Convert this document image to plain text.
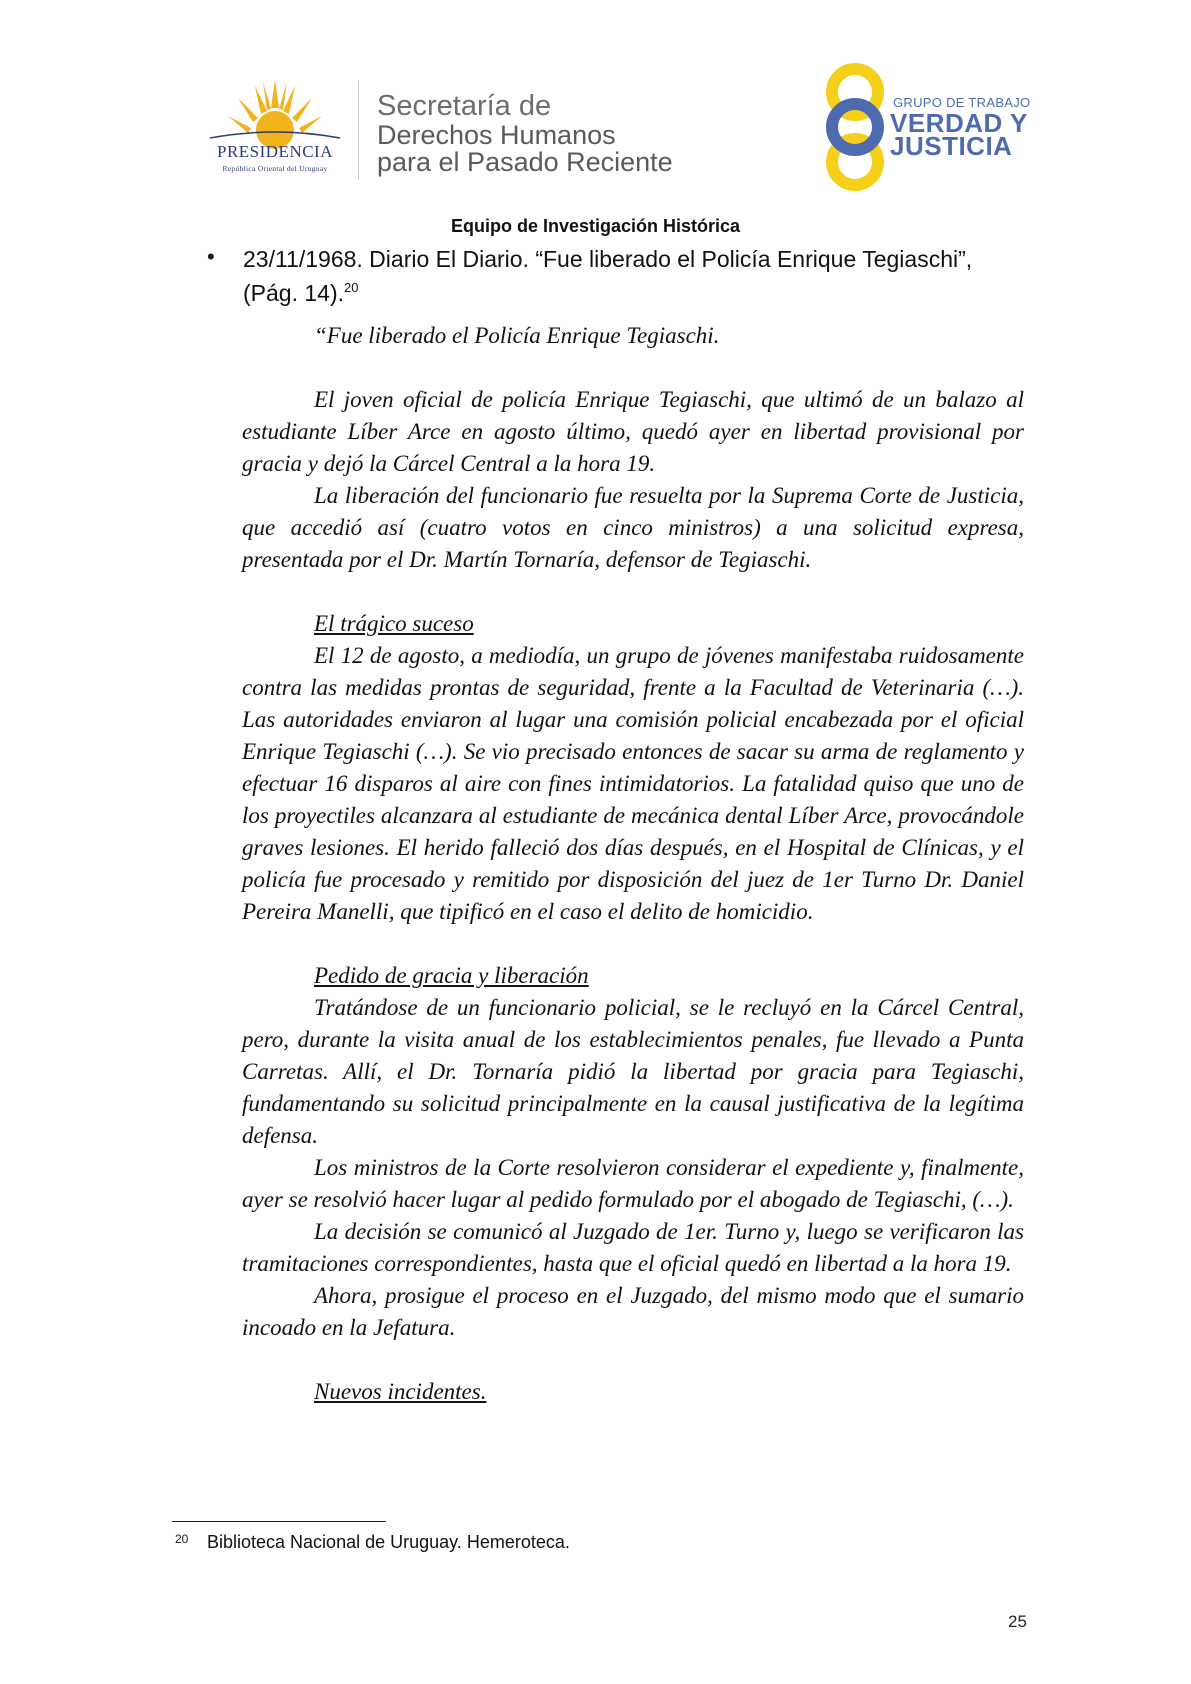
PRESIDENCIA
República Oriental del Uruguay
Secretaría de
Derechos Humanos
para el Pasado Reciente
GRUPO DE TRABAJO
VERDAD Y
JUSTICIA
Equipo de Investigación Histórica
• 23/11/1968. Diario El Diario. “Fue liberado el Policía Enrique Tegiaschi”,
(Pág. 14).$^{20}$

“Fue liberado el Policía Enrique Tegiaschi.

El joven oficial de policía Enrique Tegiaschi, que ultimó de un balazo al estudiante Líber Arce en agosto último, quedó ayer en libertad provisional por gracia y dejó la Cárcel Central a la hora 19.

La liberación del funcionario fue resuelta por la Suprema Corte de Justicia, que accedió así (cuatro votos en cinco ministros) a una solicitud expresa, presentada por el Dr. Martín Tornaría, defensor de Tegiaschi.

El trágico suceso

El 12 de agosto, a mediodía, un grupo de jóvenes manifestaba ruidosamente contra las medidas prontas de seguridad, frente a la Facultad de Veterinaria (…). Las autoridades enviaron al lugar una comisión policial encabezada por el oficial Enrique Tegiaschi (…). Se vio precisado entonces de sacar su arma de reglamento y efectuar 16 disparos al aire con fines intimidatorios. La fatalidad quiso que uno de los proyectiles alcanzara al estudiante de mecánica dental Líber Arce, provocándole graves lesiones. El herido falleció dos días después, en el Hospital de Clínicas, y el policía fue procesado y remitido por disposición del juez de 1er Turno Dr. Daniel Pereira Manelli, que tipificó en el caso el delito de homicidio.

Pedido de gracia y liberación

Tratándose de un funcionario policial, se le recluyó en la Cárcel Central, pero, durante la visita anual de los establecimientos penales, fue llevado a Punta Carretas. Allí, el Dr. Tornaría pidió la libertad por gracia para Tegiaschi, fundamentando su solicitud principalmente en la causal justificativa de la legítima defensa.

Los ministros de la Corte resolvieron considerar el expediente y, finalmente, ayer se resolvió hacer lugar al pedido formulado por el abogado de Tegiaschi, (…).

La decisión se comunicó al Juzgado de 1er. Turno y, luego se verificaron las tramitaciones correspondientes, hasta que el oficial quedó en libertad a la hora 19.

Ahora, prosigue el proceso en el Juzgado, del mismo modo que el sumario incoado en la Jefatura.

Nuevos incidentes.

20 Biblioteca Nacional de Uruguay. Hemeroteca.
25
